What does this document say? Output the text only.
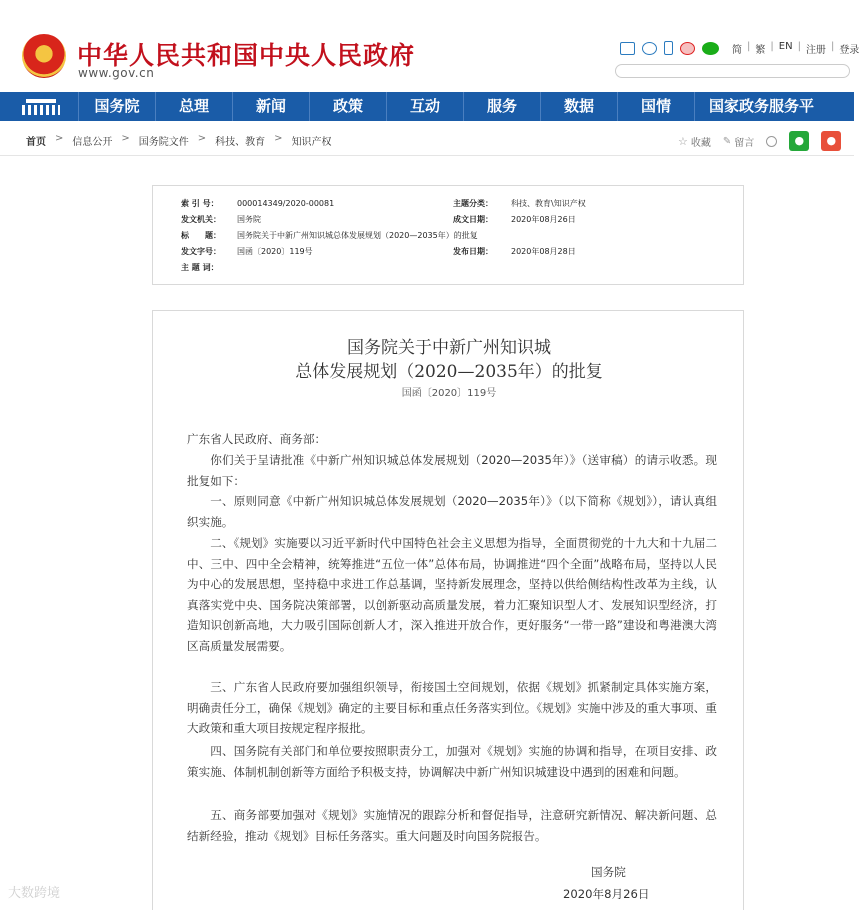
中华人民共和国中央人民政府
www.gov.cn
简 | 繁 | EN | 注册 | 登录
国务院	总理	新闻	政策	互动	服务	数据	国情	国家政务服务平
首页 > 信息公开 > 国务院文件 > 科技、教育 > 知识产权	☆ 收藏 ✎ 留言	●	●
索 引 号： 000014349/2020-00081	主题分类： 科技、教育\知识产权
发文机关： 国务院	成文日期： 2020年08月26日
标　　题： 国务院关于中新广州知识城总体发展规划（2020—2035年）的批复
发文字号： 国函〔2020〕119号	发布日期： 2020年08月28日
主 题 词：
国务院关于中新广州知识城
总体发展规划（2020—2035年）的批复
国函〔2020〕119号
广东省人民政府、商务部：
你们关于呈请批准《中新广州知识城总体发展规划（2020—2035年）》（送审稿）的请示收悉。现批复如下：
一、原则同意《中新广州知识城总体发展规划（2020—2035年）》（以下简称《规划》），请认真组织实施。
二、《规划》实施要以习近平新时代中国特色社会主义思想为指导，全面贯彻党的十九大和十九届二中、三中、四中全会精神，统筹推进“五位一体”总体布局，协调推进“四个全面”战略布局，坚持以人民为中心的发展思想，坚持稳中求进工作总基调，坚持新发展理念，坚持以供给侧结构性改革为主线，认真落实党中央、国务院决策部署，以创新驱动高质量发展，着力汇聚知识型人才、发展知识型经济，打造知识创新高地，大力吸引国际创新人才，深入推进开放合作，更好服务“一带一路”建设和粤港澳大湾区高质量发展需要。
三、广东省人民政府要加强组织领导，衔接国土空间规划，依据《规划》抓紧制定具体实施方案，明确责任分工，确保《规划》确定的主要目标和重点任务落实到位。《规划》实施中涉及的重大事项、重大政策和重大项目按规定程序报批。
四、国务院有关部门和单位要按照职责分工，加强对《规划》实施的协调和指导，在项目安排、政策实施、体制机制创新等方面给予积极支持，协调解决中新广州知识城建设中遇到的困难和问题。
五、商务部要加强对《规划》实施情况的跟踪分析和督促指导，注意研究新情况、解决新问题、总结新经验，推动《规划》目标任务落实。重大问题及时向国务院报告。
国务院
2020年8月26日
大数跨境
